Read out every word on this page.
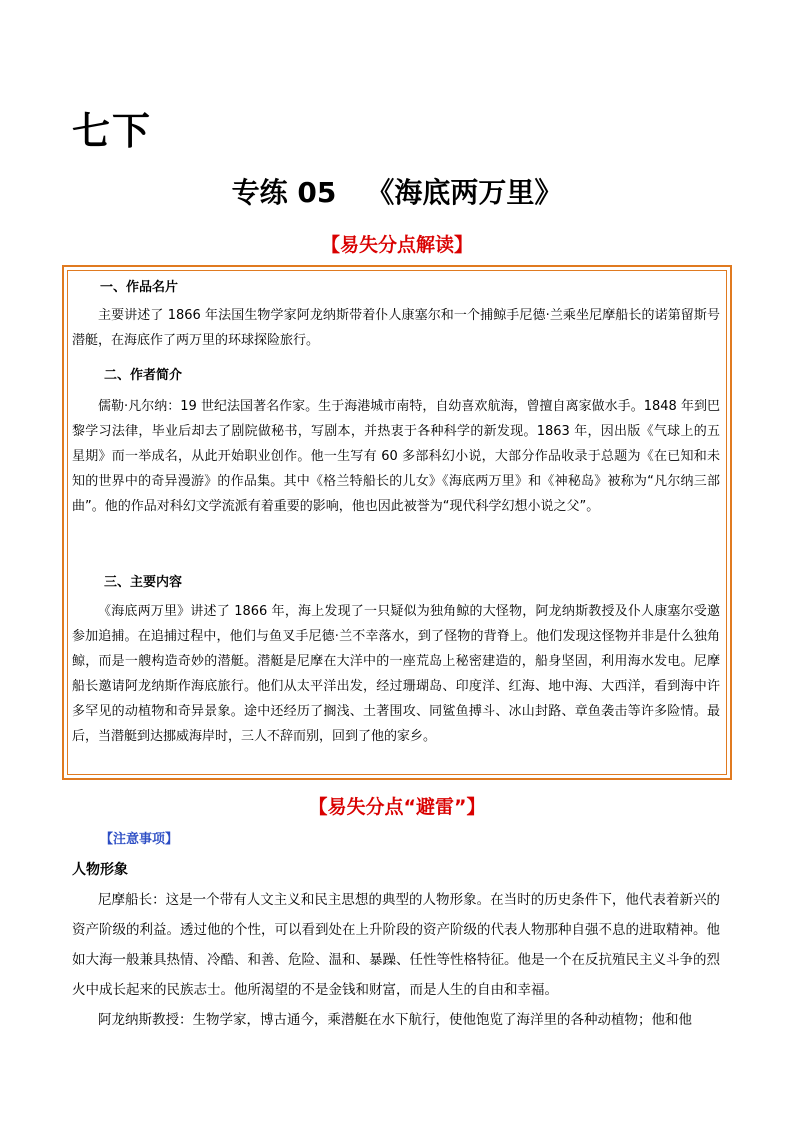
七下
专练 05 《海底两万里》
【易失分点解读】
一、作品名片

主要讲述了 1866 年法国生物学家阿龙纳斯带着仆人康塞尔和一个捕鲸手尼德·兰乘坐尼摩船长的诺第留斯号潜艇，在海底作了两万里的环球探险旅行。

二、作者简介

儒勒·凡尔纳：19 世纪法国著名作家。生于海港城市南特，自幼喜欢航海，曾擅自离家做水手。1848 年到巴黎学习法律，毕业后却去了剧院做秘书，写剧本，并热衷于各种科学的新发现。1863 年，因出版《气球上的五星期》而一举成名，从此开始职业创作。他一生写有 60 多部科幻小说，大部分作品收录于总题为《在已知和未知的世界中的奇异漫游》的作品集。其中《格兰特船长的儿女》《海底两万里》和《神秘岛》被称为“凡尔纳三部曲”。他的作品对科幻文学流派有着重要的影响，他也因此被誉为“现代科学幻想小说之父”。

三、主要内容

《海底两万里》讲述了 1866 年，海上发现了一只疑似为独角鲸的大怪物，阿龙纳斯教授及仆人康塞尔受邀参加追捕。在追捕过程中，他们与鱼叉手尼德·兰不幸落水，到了怪物的背脊上。他们发现这怪物并非是什么独角鲸，而是一艘构造奇妙的潜艇。潜艇是尼摩在大洋中的一座荒岛上秘密建造的，船身坚固，利用海水发电。尼摩船长邀请阿龙纳斯作海底旅行。他们从太平洋出发，经过珊瑚岛、印度洋、红海、地中海、大西洋，看到海中许多罕见的动植物和奇异景象。途中还经历了搁浅、土著围攻、同鲨鱼搏斗、冰山封路、章鱼袭击等许多险情。最后，当潜艇到达挪威海岸时，三人不辞而别，回到了他的家乡。

【易失分点“避雷”】
【注意事项】
人物形象

尼摩船长：这是一个带有人文主义和民主思想的典型的人物形象。在当时的历史条件下，他代表着新兴的资产阶级的利益。透过他的个性，可以看到处在上升阶段的资产阶级的代表人物那种自强不息的进取精神。他如大海一般兼具热情、冷酷、和善、危险、温和、暴躁、任性等性格特征。他是一个在反抗殖民主义斗争的烈火中成长起来的民族志士。他所渴望的不是金钱和财富，而是人生的自由和幸福。

阿龙纳斯教授：生物学家，博古通今，乘潜艇在水下航行，使他饱览了海洋里的各种动植物；他和他
